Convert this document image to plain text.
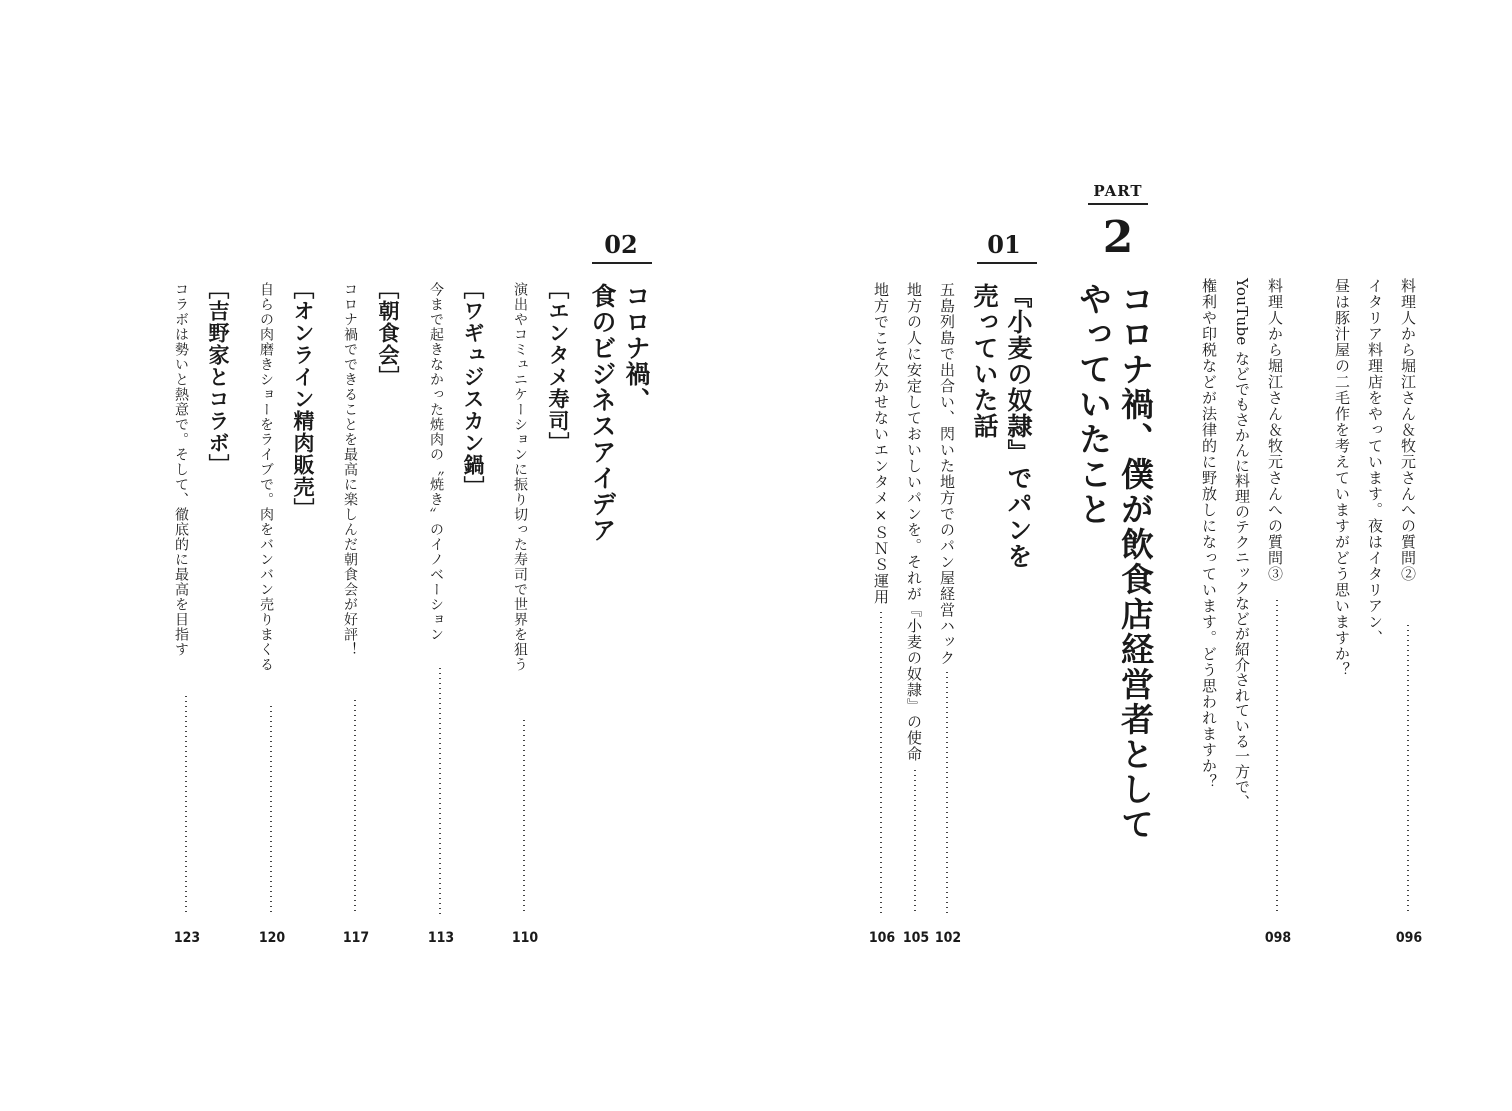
料理人から堀江さん＆牧元さんへの質問②
イタリア料理店をやっています。夜はイタリアン、
昼は豚汁屋の二毛作を考えていますがどう思いますか？
096
料理人から堀江さん＆牧元さんへの質問③
YouTube などでもさかんに料理のテクニックなどが紹介されている一方で、
権利や印税などが法律的に野放しになっています。どう思われますか？
098
PART
2
コロナ禍、僕が飲食店経営者として
やっていたこと
01
『小麦の奴隷』でパンを
売っていた話
五島列島で出合い、閃いた地方でのパン屋経営ハック
102
地方の人に安定しておいしいパンを。それが『小麦の奴隷』の使命
105
地方でこそ欠かせないエンタメ×ＳＮＳ運用
106
02
コロナ禍、
食のビジネスアイデア
［エンタメ寿司］
演出やコミュニケーションに振り切った寿司で世界を狙う
110
［ワギュジスカン鍋］
今まで起きなかった焼肉の〝焼き〟のイノベーション
113
［朝食会］
コロナ禍でできることを最高に楽しんだ朝食会が好評！
117
［オンライン精肉販売］
自らの肉磨きショーをライブで。肉をバンバン売りまくる
120
［吉野家とコラボ］
コラボは勢いと熱意で。そして、徹底的に最高を目指す
123
